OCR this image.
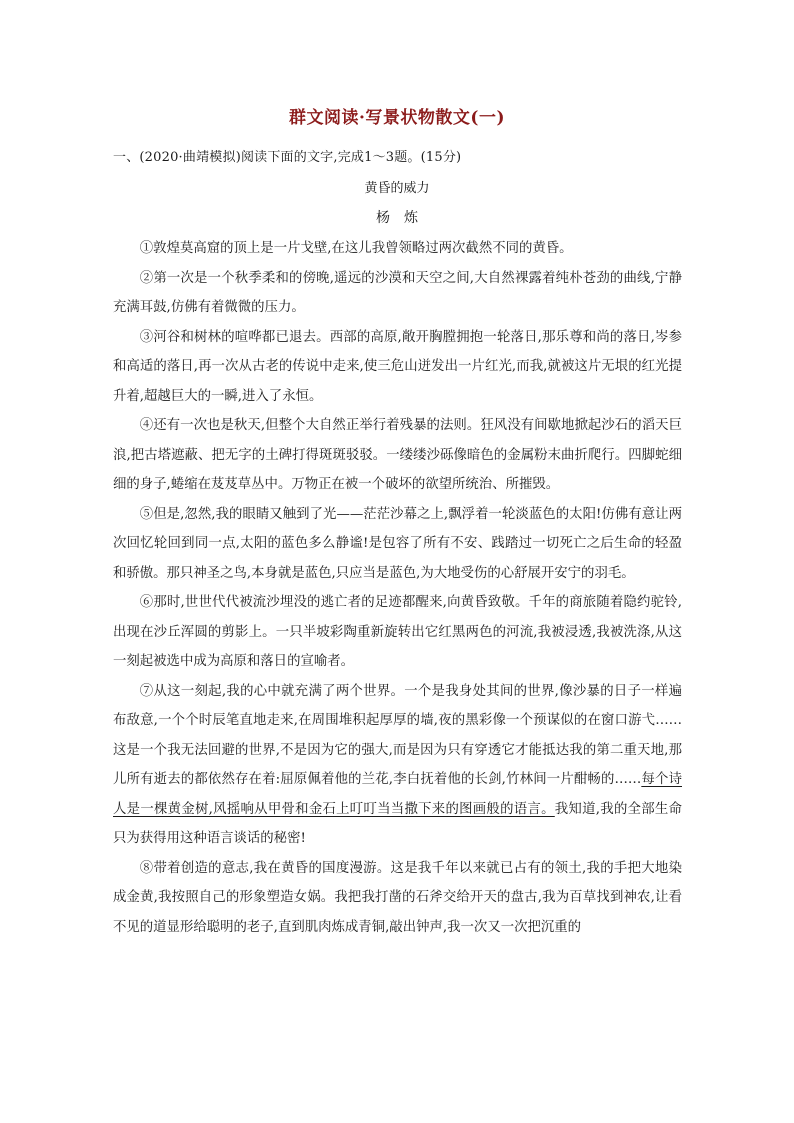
群文阅读·写景状物散文(一)
一、(2020·曲靖模拟)阅读下面的文字,完成1～3题。(15分)
黄昏的威力
杨炼

①敦煌莫高窟的顶上是一片戈壁,在这儿我曾领略过两次截然不同的黄昏。

②第一次是一个秋季柔和的傍晚,遥远的沙漠和天空之间,大自然裸露着纯朴苍劲的曲线,宁静充满耳鼓,仿佛有着微微的压力。

③河谷和树林的喧哗都已退去。西部的高原,敞开胸膛拥抱一轮落日,那乐尊和尚的落日,岑参和高适的落日,再一次从古老的传说中走来,使三危山迸发出一片红光,而我,就被这片无垠的红光提升着,超越巨大的一瞬,进入了永恒。

④还有一次也是秋天,但整个大自然正举行着残暴的法则。狂风没有间歇地掀起沙石的滔天巨浪,把古塔遮蔽、把无字的土碑打得斑斑驳驳。一缕缕沙砾像暗色的金属粉末曲折爬行。四脚蛇细细的身子,蜷缩在芨芨草丛中。万物正在被一个破坏的欲望所统治、所摧毁。

⑤但是,忽然,我的眼睛又触到了光——茫茫沙幕之上,飘浮着一轮淡蓝色的太阳!仿佛有意让两次回忆轮回到同一点,太阳的蓝色多么静谧!是包容了所有不安、践踏过一切死亡之后生命的轻盈和骄傲。那只神圣之鸟,本身就是蓝色,只应当是蓝色,为大地受伤的心舒展开安宁的羽毛。

⑥那时,世世代代被流沙埋没的逃亡者的足迹都醒来,向黄昏致敬。千年的商旅随着隐约驼铃,出现在沙丘浑圆的剪影上。一只半坡彩陶重新旋转出它红黑两色的河流,我被浸透,我被洗涤,从这一刻起被选中成为高原和落日的宣喻者。

⑦从这一刻起,我的心中就充满了两个世界。一个是我身处其间的世界,像沙暴的日子一样遍布敌意,一个个时辰笔直地走来,在周围堆积起厚厚的墙,夜的黑彩像一个预谋似的在窗口游弋……这是一个我无法回避的世界,不是因为它的强大,而是因为只有穿透它才能抵达我的第二重天地,那儿所有逝去的都依然存在着:屈原佩着他的兰花,李白抚着他的长剑,竹林间一片酣畅的……每个诗人是一棵黄金树,风摇响从甲骨和金石上叮叮当当撒下来的图画般的语言。我知道,我的全部生命只为获得用这种语言谈话的秘密!

⑧带着创造的意志,我在黄昏的国度漫游。这是我千年以来就已占有的领土,我的手把大地染成金黄,我按照自己的形象塑造女娲。我把我打凿的石斧交给开天的盘古,我为百草找到神农,让看不见的道显形给聪明的老子,直到肌肉炼成青铜,敲出钟声,我一次又一次把沉重的
